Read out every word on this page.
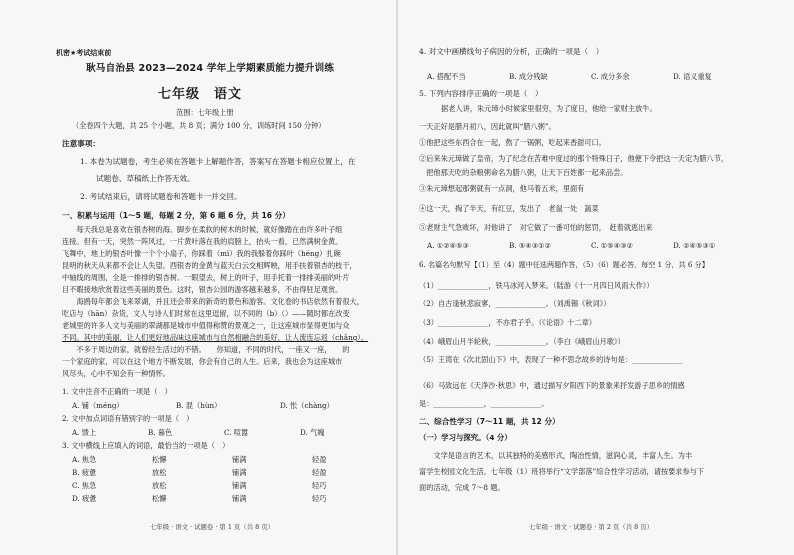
机密★考试结束前
耿马自治县 2023—2024 学年上学期素质能力提升训练
七年级　语文
范围：七年级上册
（全卷四个大题，共 25 个小题，共 8 页；满分 100 分，训练时间 150 分钟）
注意事项：
1. 本卷为试题卷，考生必须在答题卡上解题作答，答案写在答题卡相应位置上，在
试题卷、草稿纸上作答无效。
2. 考试结束后，请将试题卷和答题卡一并交回。
一、积累与运用（1～5 题，每题 2 分，第 6 题 6 分，共 16 分）
　　每天我总是喜欢在银杏树的海。脚步在柔软的树木的时候，就好像踏在由许多叶子组
连接。但有一天，突然一阵风过，一片黄叶落在我的肩膀上，抬头一看，已然满树金黄。
飞舞中，地上的银杏叶像一个个小扇子，你踩着（mì）我的我躲着你踩叶（héng）扎碗
昆明的秋天从来都不会让人失望。西银杏的金黄与蓝天白云交相辉映，用手扶着银杏的枝干，
中轴线的周围，全是一排排的银杏树。一眼望去，树上的叶子，用手托着一排排美丽的叶片
目不暇接地欣赏着这些美丽的景色。这时，银杏公园的游客越来越多，不由得驻足观赏。
　　海鸥每年都会飞来翠湖，并且还会带来的新奇的景色和游客。文化卷的书店依然有着很大，
吃店与（hān）杂货，文人与诗人们时常在这里逗留，以不同的（b）（）——随时都在改变
老城里的许多人文与美丽的翠湖都是城市中值得称赞的景观之一，让这座城市显得更加与众
不同。其中的美丽，让人们更好地品味这座城市与自然相融合的美好，让人流连忘返（chǎng）。
　　不多于周边的家，就曾经生活过的不错。　　你知道，不同的时代，一座又一座，　　的
一个家庭的家，可以在这个地方不断发展，你会有自己的人生。后来，我也会为这座城市
风尽头，心中不知会有一种情怀。
1. 文中注音不正确的一项是（　）
A. 铺（ménɡ）	B. 混（hùn）	D. 怅（chàng）
2. 文中加点词语有错别字的一项是（　）
A. 馈上	B. 暮色	C. 喧嚣	D. 气魄
3. 文中横线上应填入的词语，最恰当的一项是（　）
A. 焦急	松懈	铺满	轻盈
B. 疲惫	放松	铺满	轻盈
C. 焦急	放松	铺满	轻巧
D. 疲惫	松懈	铺满	轻巧
七年级 · 语文 · 试题卷 · 第 1 页（共 8 页）
4. 对文中画横线句子病因的分析，正确的一项是（　）
A. 搭配不当	B. 成分残缺	C. 成分多余	D. 语义重复
5. 下列内容排序正确的一项是（　）
据老人讲，朱元璋小时候家里很穷，为了度日，他给一家财主放牛。
一天正好是腊月初八，因此就叫“腊八粥”。
①他把这些东西合在一起，熬了一锅粥，吃起来香甜可口。
②后来朱元璋做了皇帝，为了纪念在苦难中度过的那个特殊日子，他便下令把这一天定为腊八节，
　把他那天吃的杂粮粥命名为腊八粥，让天下百姓都一起来品尝。
③朱元璋想起那粥就有一点洞，他马着五米，里面有
④这一天，掏了半天，有红豆，发出了　老鼠一处　蔬菜
⑤老财主气急败坏，对他讲了　对它做了一番可怕的惩罚，　赶着就逃出来
A. ①②④⑤③	B. ⑤④③①②	C. ①⑤④③②	D. ②④⑤③①
6. 名篇名句默写【（1）至（4）题中任选两题作答，（5）（6）题必答，每空 1 分，共 6 分】
（1）______________，铁马冰河入梦来。（陆游《十一月四日风雨大作》）
（2）自古逢秋悲寂寥，______________。（刘禹锡《秋词》）
（3）______________，不亦君子乎。（《论语》十二章）
（4）峨眉山月半轮秋，______________。（李白《峨眉山月歌》）
（5）王湾在《次北固山下》中，表现了一种不思念故乡的诗句是：______________
（6）马致远在《天净沙·秋思》中，通过描写夕阳西下的景象来抒发游子思乡的情感
是：______________，______________。
二、综合性学习（7～11 题，共 12 分）
（一）学习与探究。（4 分）
　　文学是语言的艺术，以其独特的美感形式，陶冶性情，滋润心灵，丰富人生。为丰
富学生校园文化生活，七年级（1）班将举行“文学部落”综合性学习活动，请按要求参与下
面的活动，完成 7～8 题。
七年级 · 语文 · 试题卷 · 第 2 页（共 8 页）
